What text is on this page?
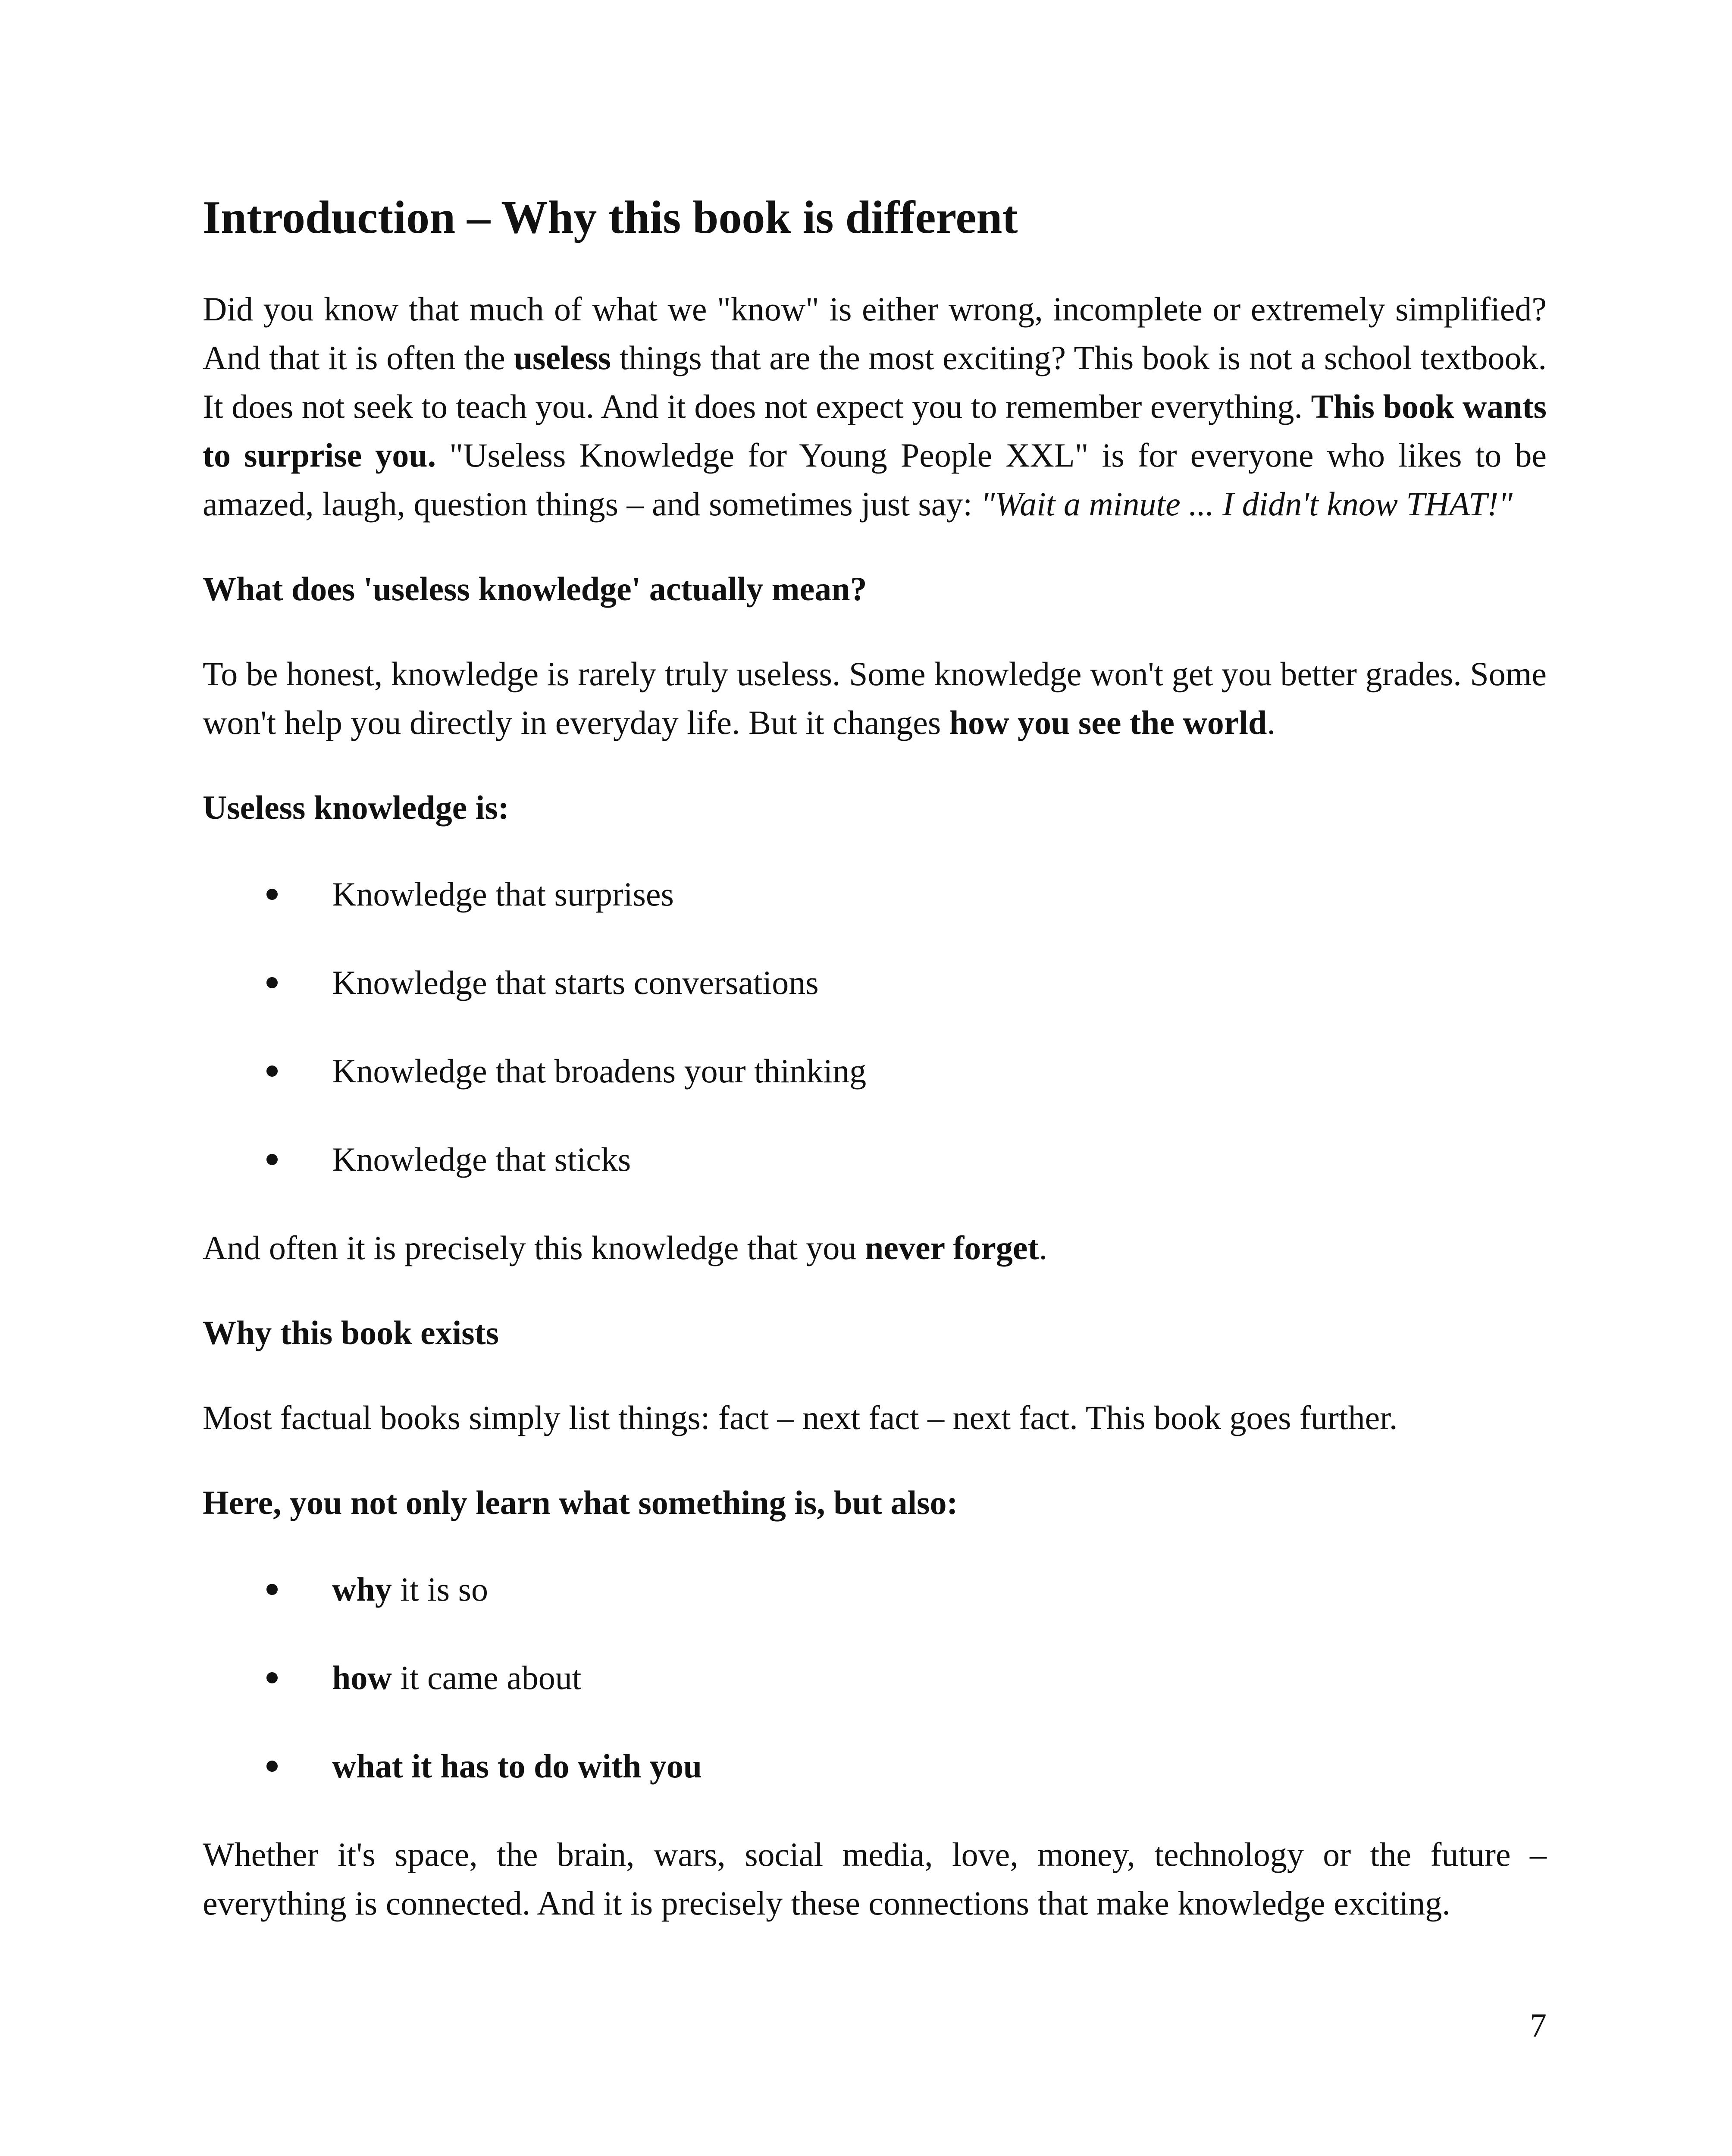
Introduction – Why this book is different

Did you know that much of what we "know" is either wrong, incomplete or extremely simplified? And that it is often the useless things that are the most exciting? This book is not a school textbook. It does not seek to teach you. And it does not expect you to remember everything. This book wants to surprise you. "Useless Knowledge for Young People XXL" is for everyone who likes to be amazed, laugh, question things – and sometimes just say: "Wait a minute ... I didn't know THAT!"

What does 'useless knowledge' actually mean?

To be honest, knowledge is rarely truly useless. Some knowledge won't get you better grades. Some won't help you directly in everyday life. But it changes how you see the world.

Useless knowledge is:
Knowledge that surprises
Knowledge that starts conversations
Knowledge that broadens your thinking
Knowledge that sticks

And often it is precisely this knowledge that you never forget.

Why this book exists

Most factual books simply list things: fact – next fact – next fact. This book goes further.

Here, you not only learn what something is, but also:
why it is so
how it came about
what it has to do with you

Whether it's space, the brain, wars, social media, love, money, technology or the future – everything is connected. And it is precisely these connections that make knowledge exciting.

7
